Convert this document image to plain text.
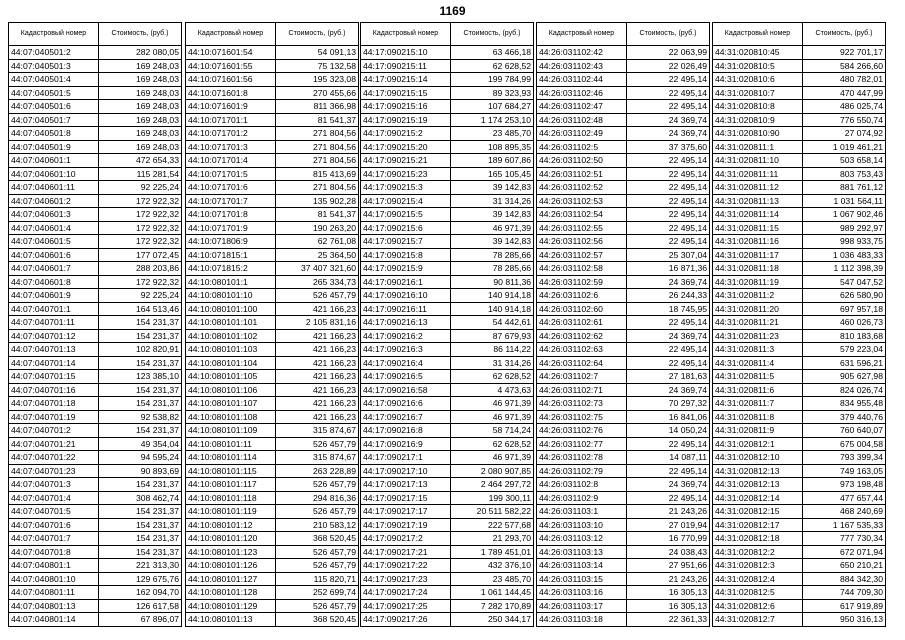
1169
Кадастровый номер	Стоимость, (руб.)
44:07:040501:2	282 080,05
44:07:040501:3	169 248,03
44:07:040501:4	169 248,03
44:07:040501:5	169 248,03
44:07:040501:6	169 248,03
44:07:040501:7	169 248,03
44:07:040501:8	169 248,03
44:07:040501:9	169 248,03
44:07:040601:1	472 654,33
44:07:040601:10	115 281,54
44:07:040601:11	92 225,24
44:07:040601:2	172 922,32
44:07:040601:3	172 922,32
44:07:040601:4	172 922,32
44:07:040601:5	172 922,32
44:07:040601:6	177 072,45
44:07:040601:7	288 203,86
44:07:040601:8	172 922,32
44:07:040601:9	92 225,24
44:07:040701:1	164 513,46
44:07:040701:11	154 231,37
44:07:040701:12	154 231,37
44:07:040701:13	102 820,91
44:07:040701:14	154 231,37
44:07:040701:15	123 385,10
44:07:040701:16	154 231,37
44:07:040701:18	154 231,37
44:07:040701:19	92 538,82
44:07:040701:2	154 231,37
44:07:040701:21	49 354,04
44:07:040701:22	94 595,24
44:07:040701:23	90 893,69
44:07:040701:3	154 231,37
44:07:040701:4	308 462,74
44:07:040701:5	154 231,37
44:07:040701:6	154 231,37
44:07:040701:7	154 231,37
44:07:040701:8	154 231,37
44:07:040801:1	221 313,30
44:07:040801:10	129 675,76
44:07:040801:11	162 094,70
44:07:040801:13	126 617,58
44:07:040801:14	67 896,07
Кадастровый номер	Стоимость, (руб.)
44:10:071601:54	54 091,13
44:10:071601:55	75 132,58
44:10:071601:56	195 323,08
44:10:071601:8	270 455,66
44:10:071601:9	811 366,98
44:10:071701:1	81 541,37
44:10:071701:2	271 804,56
44:10:071701:3	271 804,56
44:10:071701:4	271 804,56
44:10:071701:5	815 413,69
44:10:071701:6	271 804,56
44:10:071701:7	135 902,28
44:10:071701:8	81 541,37
44:10:071701:9	190 263,20
44:10:071806:9	62 761,08
44:10:071815:1	25 364,50
44:10:071815:2	37 407 321,60
44:10:080101:1	265 334,73
44:10:080101:10	526 457,79
44:10:080101:100	421 166,23
44:10:080101:101	2 105 831,16
44:10:080101:102	421 166,23
44:10:080101:103	421 166,23
44:10:080101:104	421 166,23
44:10:080101:105	421 166,23
44:10:080101:106	421 166,23
44:10:080101:107	421 166,23
44:10:080101:108	421 166,23
44:10:080101:109	315 874,67
44:10:080101:11	526 457,79
44:10:080101:114	315 874,67
44:10:080101:115	263 228,89
44:10:080101:117	526 457,79
44:10:080101:118	294 816,36
44:10:080101:119	526 457,79
44:10:080101:12	210 583,12
44:10:080101:120	368 520,45
44:10:080101:123	526 457,79
44:10:080101:126	526 457,79
44:10:080101:127	115 820,71
44:10:080101:128	252 699,74
44:10:080101:129	526 457,79
44:10:080101:13	368 520,45
Кадастровый номер	Стоимость, (руб.)
44:17:090215:10	63 466,18
44:17:090215:11	62 628,52
44:17:090215:14	199 784,99
44:17:090215:15	89 323,93
44:17:090215:16	107 684,27
44:17:090215:19	1 174 253,10
44:17:090215:2	23 485,70
44:17:090215:20	108 895,35
44:17:090215:21	189 607,86
44:17:090215:23	165 105,45
44:17:090215:3	39 142,83
44:17:090215:4	31 314,26
44:17:090215:5	39 142,83
44:17:090215:6	46 971,39
44:17:090215:7	39 142,83
44:17:090215:8	78 285,66
44:17:090215:9	78 285,66
44:17:090216:1	90 811,36
44:17:090216:10	140 914,18
44:17:090216:11	140 914,18
44:17:090216:13	54 442,61
44:17:090216:2	87 679,93
44:17:090216:3	86 114,22
44:17:090216:4	31 314,26
44:17:090216:5	62 628,52
44:17:090216:58	4 473,63
44:17:090216:6	46 971,39
44:17:090216:7	46 971,39
44:17:090216:8	58 714,24
44:17:090216:9	62 628,52
44:17:090217:1	46 971,39
44:17:090217:10	2 080 907,85
44:17:090217:13	2 464 297,72
44:17:090217:15	199 300,11
44:17:090217:17	20 511 582,22
44:17:090217:19	222 577,68
44:17:090217:2	21 293,70
44:17:090217:21	1 789 451,01
44:17:090217:22	432 376,10
44:17:090217:23	23 485,70
44:17:090217:24	1 061 144,45
44:17:090217:25	7 282 170,89
44:17:090217:26	250 344,17
Кадастровый номер	Стоимость, (руб.)
44:26:031102:42	22 063,99
44:26:031102:43	22 026,49
44:26:031102:44	22 495,14
44:26:031102:46	22 495,14
44:26:031102:47	22 495,14
44:26:031102:48	24 369,74
44:26:031102:49	24 369,74
44:26:031102:5	37 375,60
44:26:031102:50	22 495,14
44:26:031102:51	22 495,14
44:26:031102:52	22 495,14
44:26:031102:53	22 495,14
44:26:031102:54	22 495,14
44:26:031102:55	22 495,14
44:26:031102:56	22 495,14
44:26:031102:57	25 307,04
44:26:031102:58	16 871,36
44:26:031102:59	24 369,74
44:26:031102:6	26 244,33
44:26:031102:60	18 745,95
44:26:031102:61	22 495,14
44:26:031102:62	24 369,74
44:26:031102:63	22 495,14
44:26:031102:64	22 495,14
44:26:031102:7	27 181,63
44:26:031102:71	24 369,74
44:26:031102:73	70 297,32
44:26:031102:75	16 841,06
44:26:031102:76	14 050,24
44:26:031102:77	22 495,14
44:26:031102:78	14 087,11
44:26:031102:79	22 495,14
44:26:031102:8	24 369,74
44:26:031102:9	22 495,14
44:26:031103:1	21 243,26
44:26:031103:10	27 019,94
44:26:031103:12	16 770,99
44:26:031103:13	24 038,43
44:26:031103:14	27 951,66
44:26:031103:15	21 243,26
44:26:031103:16	16 305,13
44:26:031103:17	16 305,13
44:26:031103:18	22 361,33
Кадастровый номер	Стоимость, (руб.)
44:31:020810:45	922 701,17
44:31:020810:5	584 266,60
44:31:020810:6	480 782,01
44:31:020810:7	470 447,99
44:31:020810:8	486 025,74
44:31:020810:9	776 550,74
44:31:020810:90	27 074,92
44:31:020811:1	1 019 461,21
44:31:020811:10	503 658,14
44:31:020811:11	803 753,43
44:31:020811:12	881 761,12
44:31:020811:13	1 031 564,11
44:31:020811:14	1 067 902,46
44:31:020811:15	989 292,97
44:31:020811:16	998 933,75
44:31:020811:17	1 036 483,33
44:31:020811:18	1 112 398,39
44:31:020811:19	547 047,52
44:31:020811:2	626 580,90
44:31:020811:20	697 957,18
44:31:020811:21	460 026,73
44:31:020811:23	810 183,68
44:31:020811:3	579 223,04
44:31:020811:4	631 596,21
44:31:020811:5	905 627,98
44:31:020811:6	824 026,74
44:31:020811:7	834 955,48
44:31:020811:8	379 440,76
44:31:020811:9	760 640,07
44:31:020812:1	675 004,58
44:31:020812:10	793 399,34
44:31:020812:13	749 163,05
44:31:020812:13	973 198,48
44:31:020812:14	477 657,44
44:31:020812:15	468 240,69
44:31:020812:17	1 167 535,33
44:31:020812:18	777 730,34
44:31:020812:2	672 071,94
44:31:020812:3	650 210,21
44:31:020812:4	884 342,30
44:31:020812:5	744 709,30
44:31:020812:6	617 919,89
44:31:020812:7	950 316,13
